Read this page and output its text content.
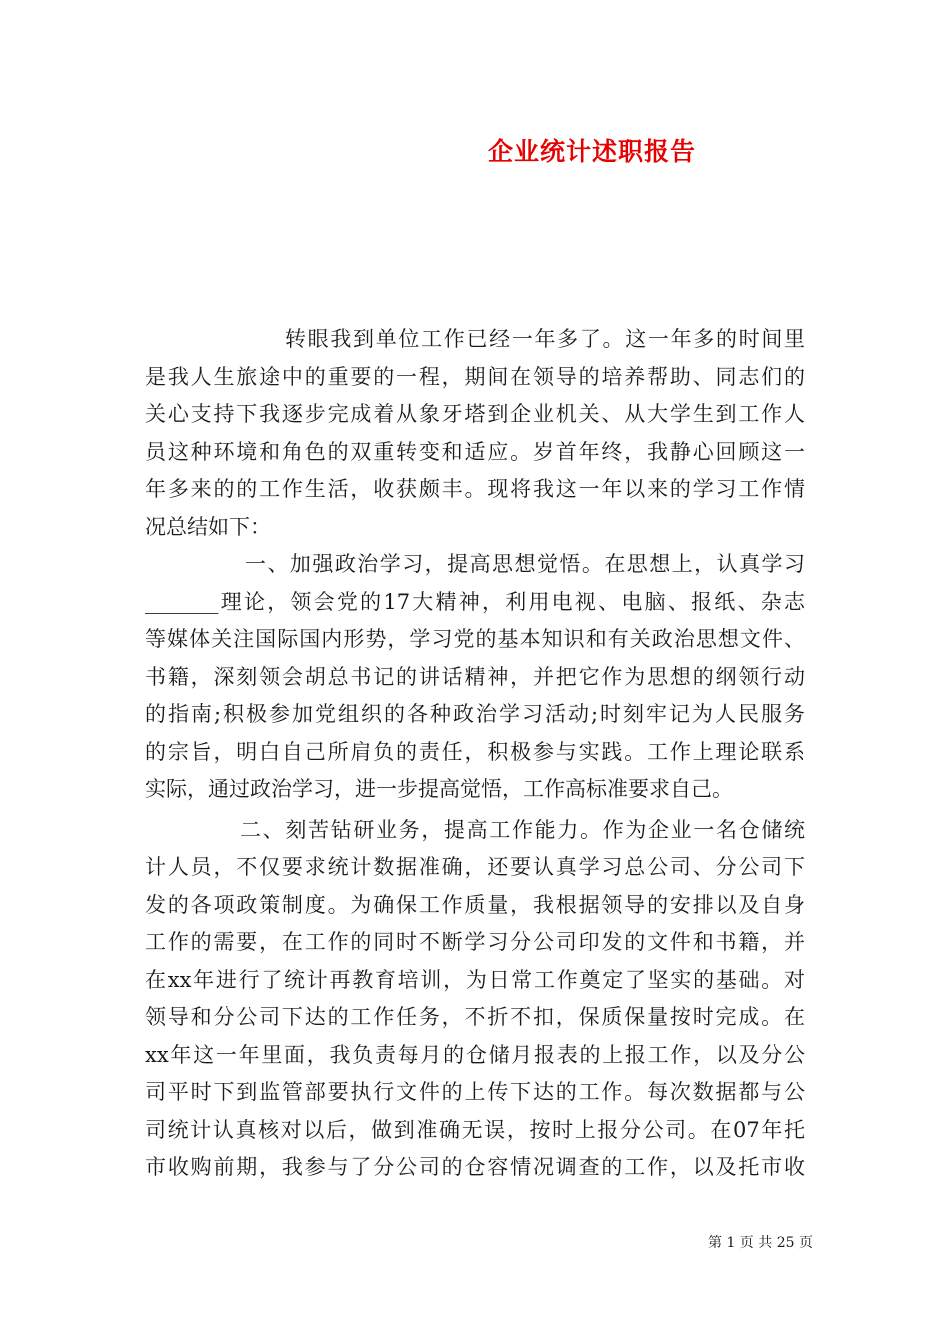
企业统计述职报告
转眼我到单位工作已经一年多了。这一年多的时间里
是我人生旅途中的重要的一程，期间在领导的培养帮助、同志们的
关心支持下我逐步完成着从象牙塔到企业机关、从大学生到工作人
员这种环境和角色的双重转变和适应。岁首年终，我静心回顾这一
年多来的的工作生活，收获颇丰。现将我这一年以来的学习工作情
况总结如下：
一、加强政治学习，提高思想觉悟。在思想上，认真学习
_______理论，领会党的17大精神，利用电视、电脑、报纸、杂志
等媒体关注国际国内形势，学习党的基本知识和有关政治思想文件、
书籍，深刻领会胡总书记的讲话精神，并把它作为思想的纲领行动
的指南;积极参加党组织的各种政治学习活动;时刻牢记为人民服务
的宗旨，明白自己所肩负的责任，积极参与实践。工作上理论联系
实际，通过政治学习，进一步提高觉悟，工作高标准要求自己。
二、刻苦钻研业务，提高工作能力。作为企业一名仓储统
计人员，不仅要求统计数据准确，还要认真学习总公司、分公司下
发的各项政策制度。为确保工作质量，我根据领导的安排以及自身
工作的需要，在工作的同时不断学习分公司印发的文件和书籍，并
在xx年进行了统计再教育培训，为日常工作奠定了坚实的基础。对
领导和分公司下达的工作任务，不折不扣，保质保量按时完成。在
xx年这一年里面，我负责每月的仓储月报表的上报工作，以及分公
司平时下到监管部要执行文件的上传下达的工作。每次数据都与公
司统计认真核对以后，做到准确无误，按时上报分公司。在07年托
市收购前期，我参与了分公司的仓容情况调查的工作，以及托市收
第 1 页 共 25 页
